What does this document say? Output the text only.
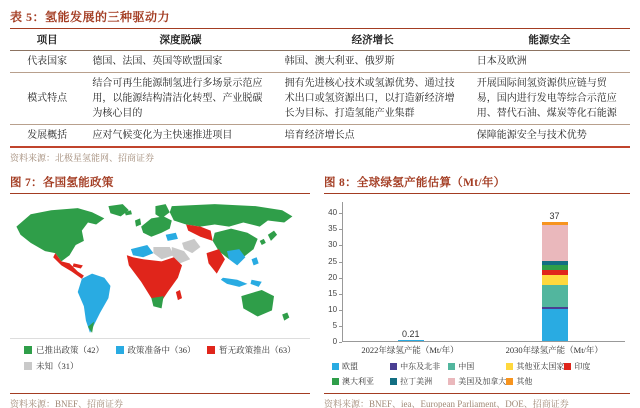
表 5：氢能发展的三种驱动力
项目	深度脱碳	经济增长	能源安全
代表国家	德国、法国、英国等欧盟国家	韩国、澳大利亚、俄罗斯	日本及欧洲
模式特点	结合可再生能源制氢进行多场景示范应用，以能源结构清洁化转型、产业脱碳为核心目的	拥有先进核心技术或氢源优势、通过技术出口或氢资源出口，以打造新经济增长为目标、打造氢能产业集群	开展国际间氢资源供应链与贸易，国内进行发电等综合示范应用、替代石油、煤炭等化石能源
发展概括	应对气候变化为主快速推进项目	培育经济增长点	保障能源安全与技术优势
资料来源：北极星氢能网、招商证券
图 7：各国氢能政策
已推出政策（42）	政策准备中（36）	暂无政策推出（63）
未知（31）
资料来源：BNEF、招商证券
图 8：全球绿氢产能估算（Mt/年）
0
5
10
15
20
25
30
35
40
0.21
37
2022年绿氢产能（Mt/年）	2030年绿氢产能（Mt/年）
欧盟	中东及北非 中国	其他亚太国家 印度
澳大利亚	拉丁美洲	美国及加拿大 其他
资料来源：BNEF、iea、European Parliament、DOE、招商证券
